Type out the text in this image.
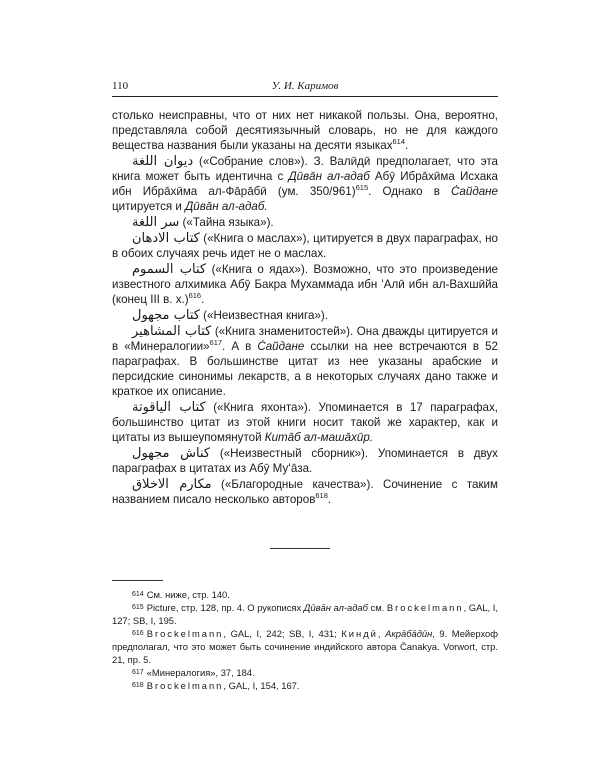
110	У. И. Каримов

столько неисправны, что от них нет никакой пользы. Она, вероятно, представляла собой десятиязычный словарь, но не для каждого вещества названия были указаны на десяти языках$^{614}$.

ديوان اللغة («Собрание слов»). З. Валӣдӣ предполагает, что эта книга может быть идентична с Дӣвāн ал-адаб Абӯ Ибрāхӣма Исхака ибн Ибрāхӣма ал-Фāрāбӣ (ум. 350/961)$^{615}$. Однако в Ċайдане цитируется и Дӣвāн ал-адаб.

سر اللغة («Тайна языка»).

كتاب الادهان («Книга о маслах»), цитируется в двух параграфах, но в обоих случаях речь идет не о маслах.

كتاب السموم («Книга о ядах»). Возможно, что это произведение известного алхимика Абӯ Бакра Мухаммада ибн ʻАлӣ ибн ал-Вахшӣйа (конец III в. х.)$^{616}$.

كتاب مجهول («Неизвестная книга»).

كتاب المشاهير («Книга знаменитостей»). Она дважды цитируется и в «Минералогии»$^{617}$. А в Ċайдане ссылки на нее встречаются в 52 параграфах. В большинстве цитат из нее указаны арабские и персидские синонимы лекарств, а в некоторых случаях дано также и краткое их описание.

كتاب الياقوتة («Книга яхонта»). Упоминается в 17 параграфах, большинство цитат из этой книги носит такой же характер, как и цитаты из вышеупомянутой Китāб ал-машāхӣр.

كناش مجهول («Неизвестный сборник»). Упоминается в двух параграфах в цитатах из Абӯ Муʻāза.

مكارم الاخلاق («Благородные качества»). Сочинение с таким названием писало несколько авторов$^{618}$.

$^{614}$ См. ниже, стр. 140.

$^{615}$ Picture, стр. 128, пр. 4. О рукописях Дӣвāн ал-адаб см. Brockelmann, GAL, I, 127; SB, I, 195.

$^{616}$ Brockelmann, GAL, I, 242; SB, I, 431; Киндӣ, Акрāбāдӣн, 9. Мейерхоф предполагал, что это может быть сочинение индийского автора C̄anakya. Vorwort, стр. 21, пр. 5.

$^{617}$ «Минералогия», 37, 184.

$^{618}$ Brockelmann, GAL, I, 154, 167.
